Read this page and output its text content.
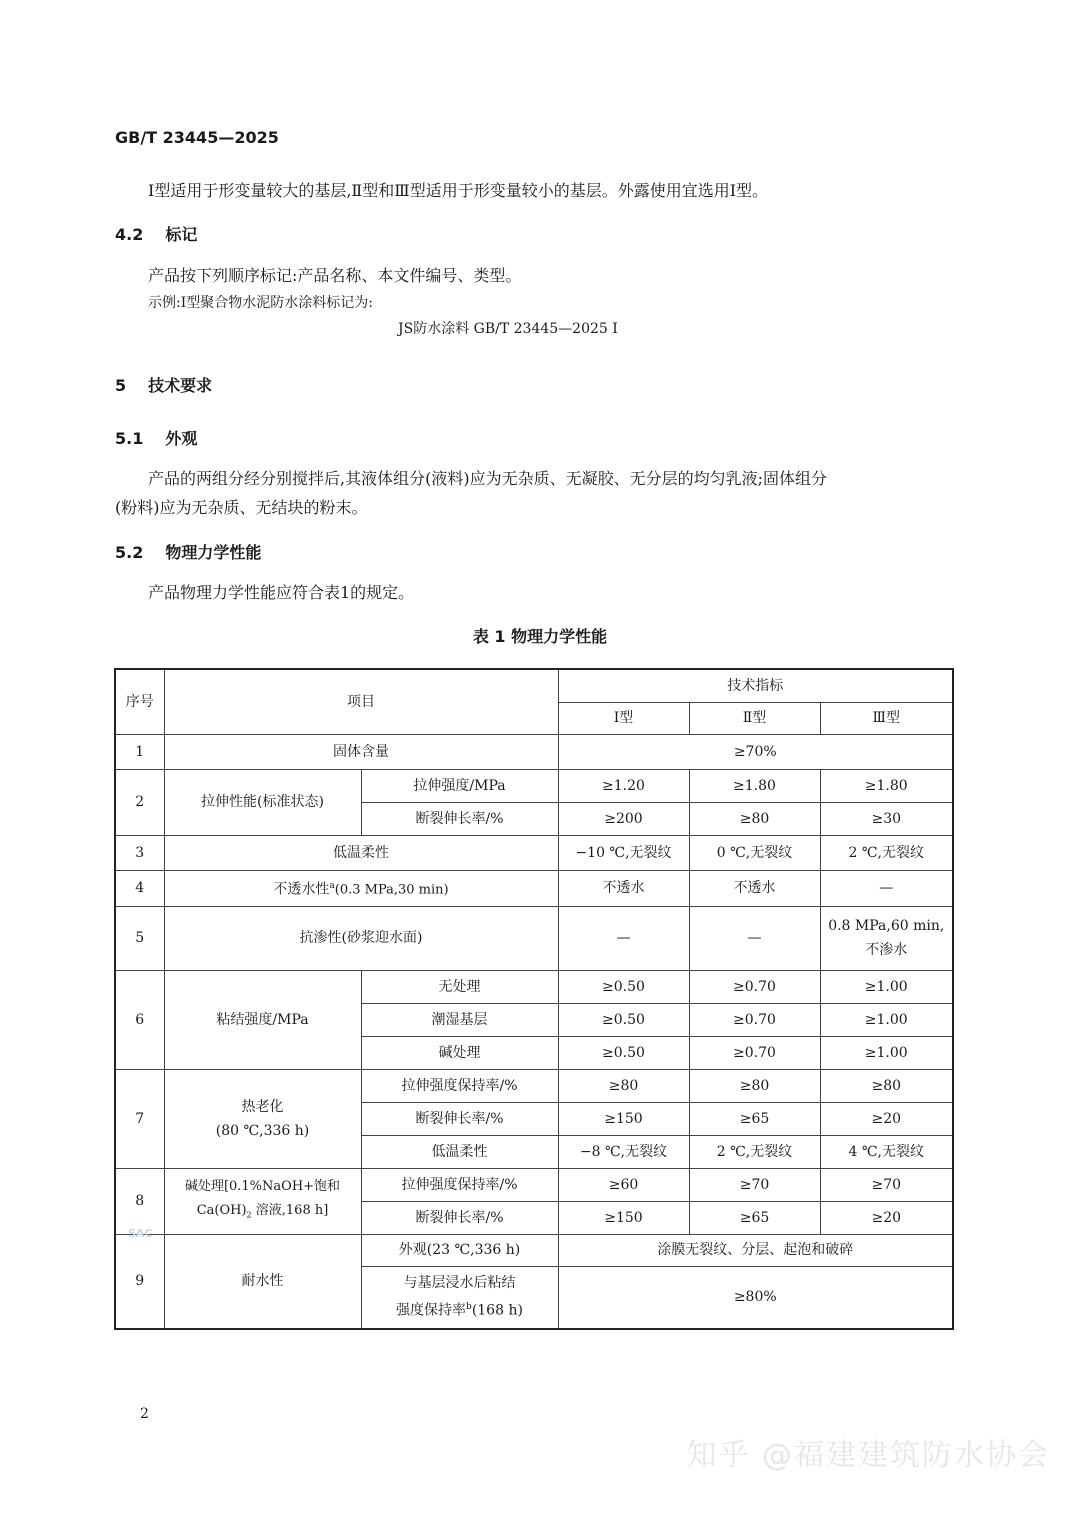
GB/T 23445—2025
Ⅰ型适用于形变量较大的基层,Ⅱ型和Ⅲ型适用于形变量较小的基层。外露使用宜选用Ⅰ型。
4.2 标记
产品按下列顺序标记:产品名称、本文件编号、类型。
示例:Ⅰ型聚合物水泥防水涂料标记为:
JS防水涂料 GB/T 23445—2025 Ⅰ
5 技术要求
5.1 外观
产品的两组分经分别搅拌后,其液体组分(液料)应为无杂质、无凝胶、无分层的均匀乳液;固体组分
(粉料)应为无杂质、无结块的粉末。
5.2 物理力学性能
产品物理力学性能应符合表1的规定。
表 1 物理力学性能
序号	项目		技术指标		
			Ⅰ型	Ⅱ型	Ⅲ型
1	固体含量		≥70%		
2	拉伸性能(标准状态)	拉伸强度/MPa	≥1.20	≥1.80	≥1.80
		断裂伸长率/%	≥200	≥80	≥30
3	低温柔性		−10 ℃,无裂纹	0 ℃,无裂纹	2 ℃,无裂纹
4	不透水性$^a$(0.3 MPa,30 min)		不透水	不透水	—
5	抗渗性(砂浆迎水面)		—	—	0.8 MPa,60 min,
不渗水

6	粘结强度/MPa	无处理	≥0.50	≥0.70	≥1.00
		潮湿基层	≥0.50	≥0.70	≥1.00
		碱处理	≥0.50	≥0.70	≥1.00
7	热老化
(80 ℃,336 h)	拉伸强度保持率/%	≥80	≥80	≥80
		断裂伸长率/%	≥150	≥65	≥20
		低温柔性	−8 ℃,无裂纹	2 ℃,无裂纹	4 ℃,无裂纹
8	碱处理[0.1%NaOH+饱和
$Ca(OH)_2$ 溶液,168 h]	拉伸强度保持率/%	≥60	≥70	≥70
		断裂伸长率/%	≥150	≥65	≥20
9	耐水性	外观(23 ℃,336 h)	涂膜无裂纹、分层、起泡和破碎		

		与基层浸水后粘结
强度保持率$^b$(168 h)	≥80%		
SAC
2
知乎 @福建建筑防水协会
